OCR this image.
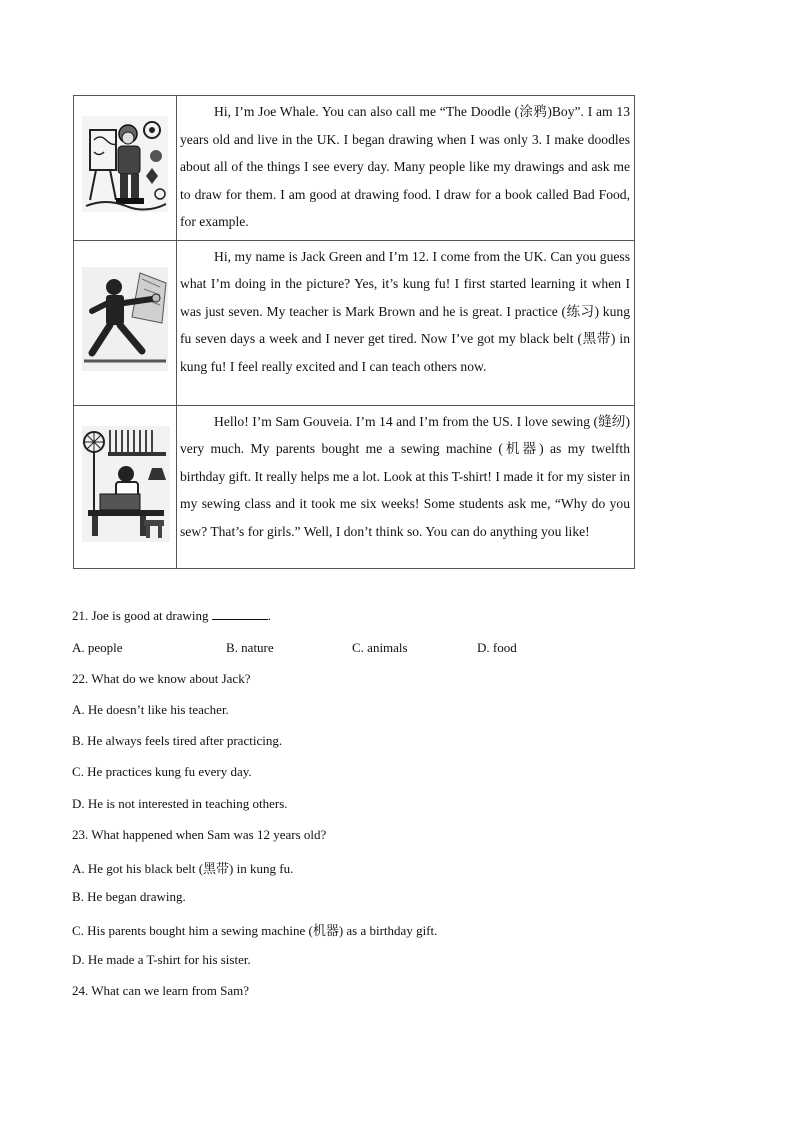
Hi, I’m Joe Whale. You can also call me “The Doodle (涂鸦)Boy”. I am 13 years old and live in the UK. I began drawing when I was only 3. I make doodles about all of the things I see every day. Many people like my drawings and ask me to draw for them. I am good at drawing food. I draw for a book called Bad Food, for example.

Hi, my name is Jack Green and I’m 12. I come from the UK. Can you guess what I’m doing in the picture? Yes, it’s kung fu! I first started learning it when I was just seven. My teacher is Mark Brown and he is great. I practice (练习) kung fu seven days a week and I never get tired. Now I’ve got my black belt (黑带) in kung fu! I feel really excited and I can teach others now.

Hello! I’m Sam Gouveia. I’m 14 and I’m from the US. I love sewing (缝纫) very much. My parents bought me a sewing machine (机器) as my twelfth birthday gift. It really helps me a lot. Look at this T-shirt! I made it for my sister in my sewing class and it took me six weeks! Some students ask me, “Why do you sew? That’s for girls.” Well, I don’t think so. You can do anything you like!

21. Joe is good at drawing	.
A. people	B. nature	C. animals	D. food
22. What do we know about Jack?
A. He doesn’t like his teacher.
B. He always feels tired after practicing.
C. He practices kung fu every day.
D. He is not interested in teaching others.
23. What happened when Sam was 12 years old?
A. He got his black belt (黑带) in kung fu.
B. He began drawing.
C. His parents bought him a sewing machine (机器) as a birthday gift.
D. He made a T-shirt for his sister.
24. What can we learn from Sam?
